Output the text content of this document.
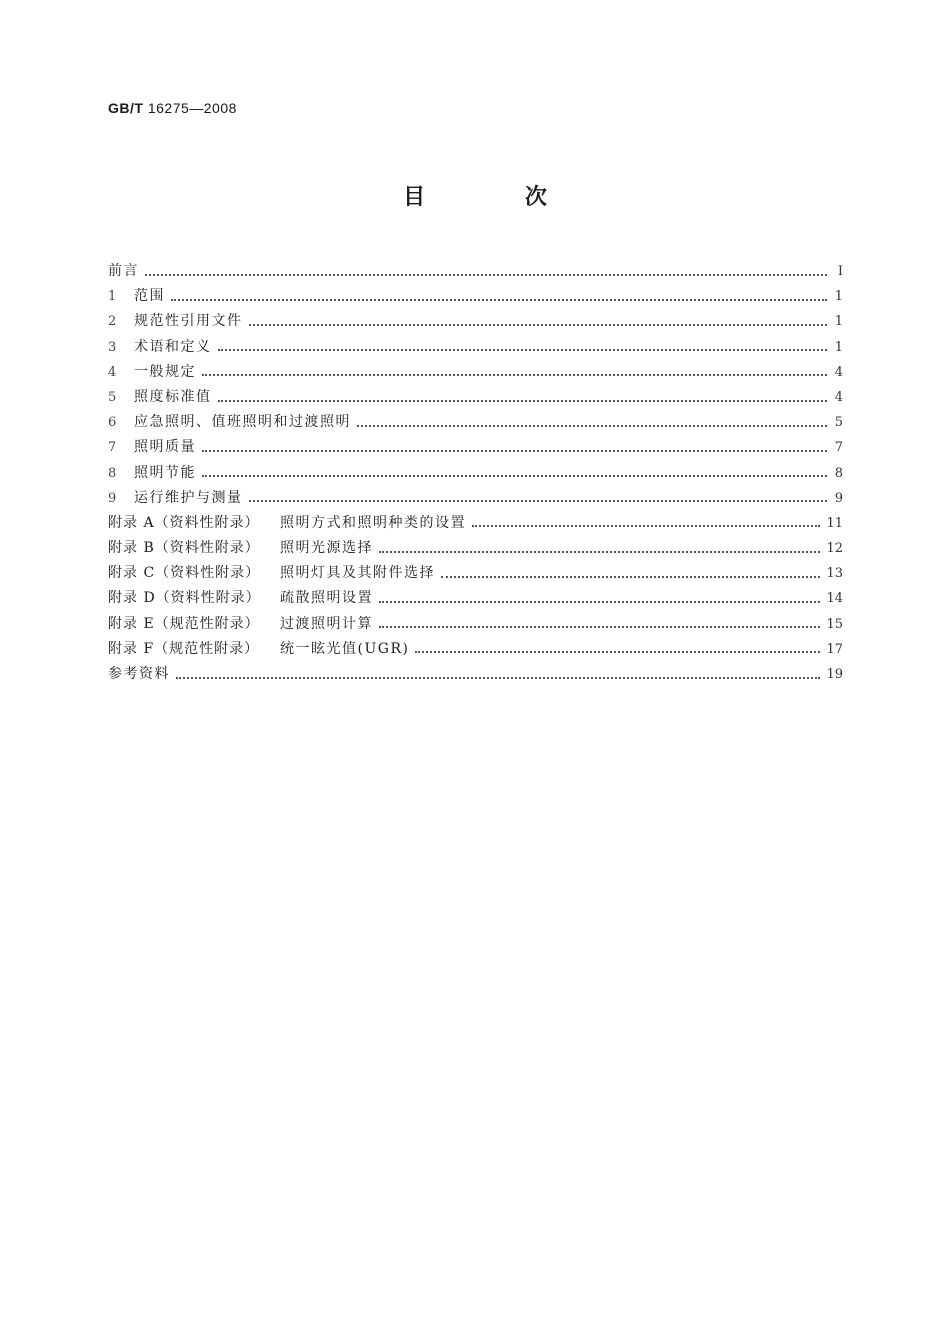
GB/T 16275—2008
目 次
前言	Ⅰ
1	范围	1
2	规范性引用文件	1
3	术语和定义	1
4	一般规定	4
5	照度标准值	4
6	应急照明、值班照明和过渡照明	5
7	照明质量	7
8	照明节能	8
9	运行维护与测量	9
附录 A（资料性附录）	照明方式和照明种类的设置	11
附录 B（资料性附录）	照明光源选择	12
附录 C（资料性附录）	照明灯具及其附件选择	13
附录 D（资料性附录）	疏散照明设置	14
附录 E（规范性附录）	过渡照明计算	15
附录 F（规范性附录）	统一眩光值(UGR)	17
参考资料	19
